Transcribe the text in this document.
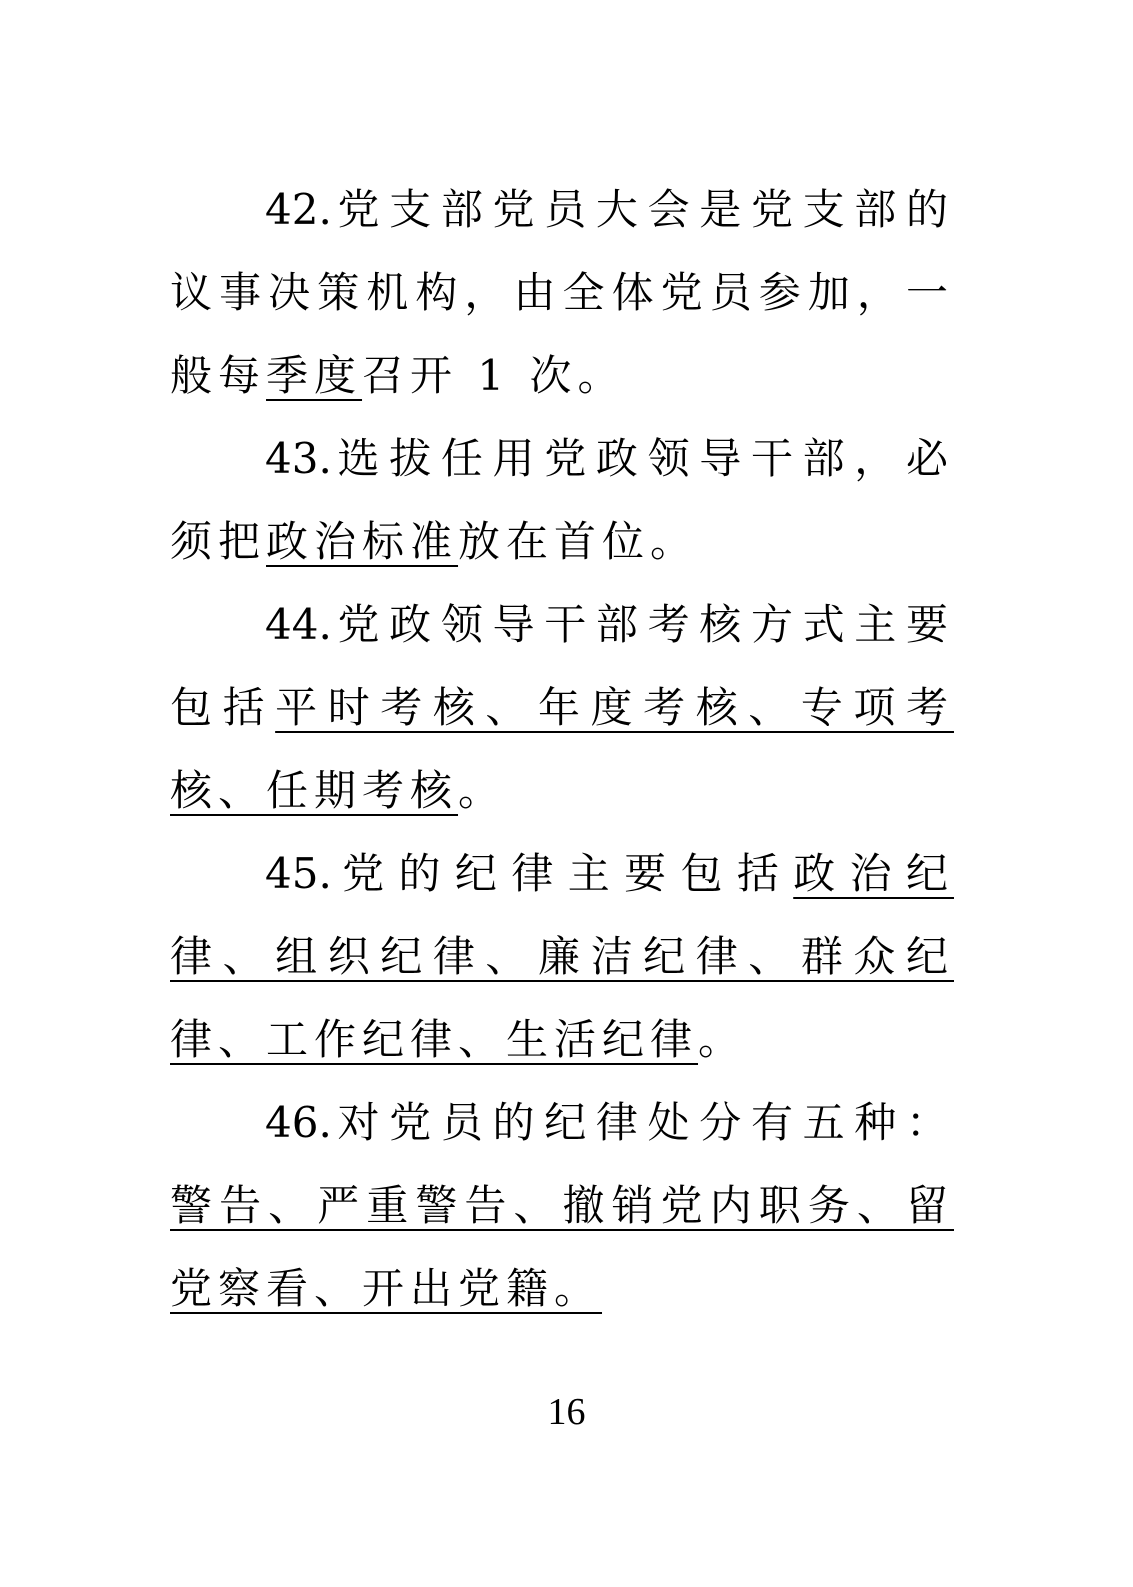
42.党支部党员大会是党支部的议事决策机构，由全体党员参加，一般每季度召开 1 次。

43.选拔任用党政领导干部，必须把政治标准放在首位。

44.党政领导干部考核方式主要包括平时考核、年度考核、专项考核、任期考核。

45.党的纪律主要包括政治纪律、组织纪律、廉洁纪律、群众纪律、工作纪律、生活纪律。

46.对党员的纪律处分有五种：警告、严重警告、撤销党内职务、留党察看、开出党籍。

16
